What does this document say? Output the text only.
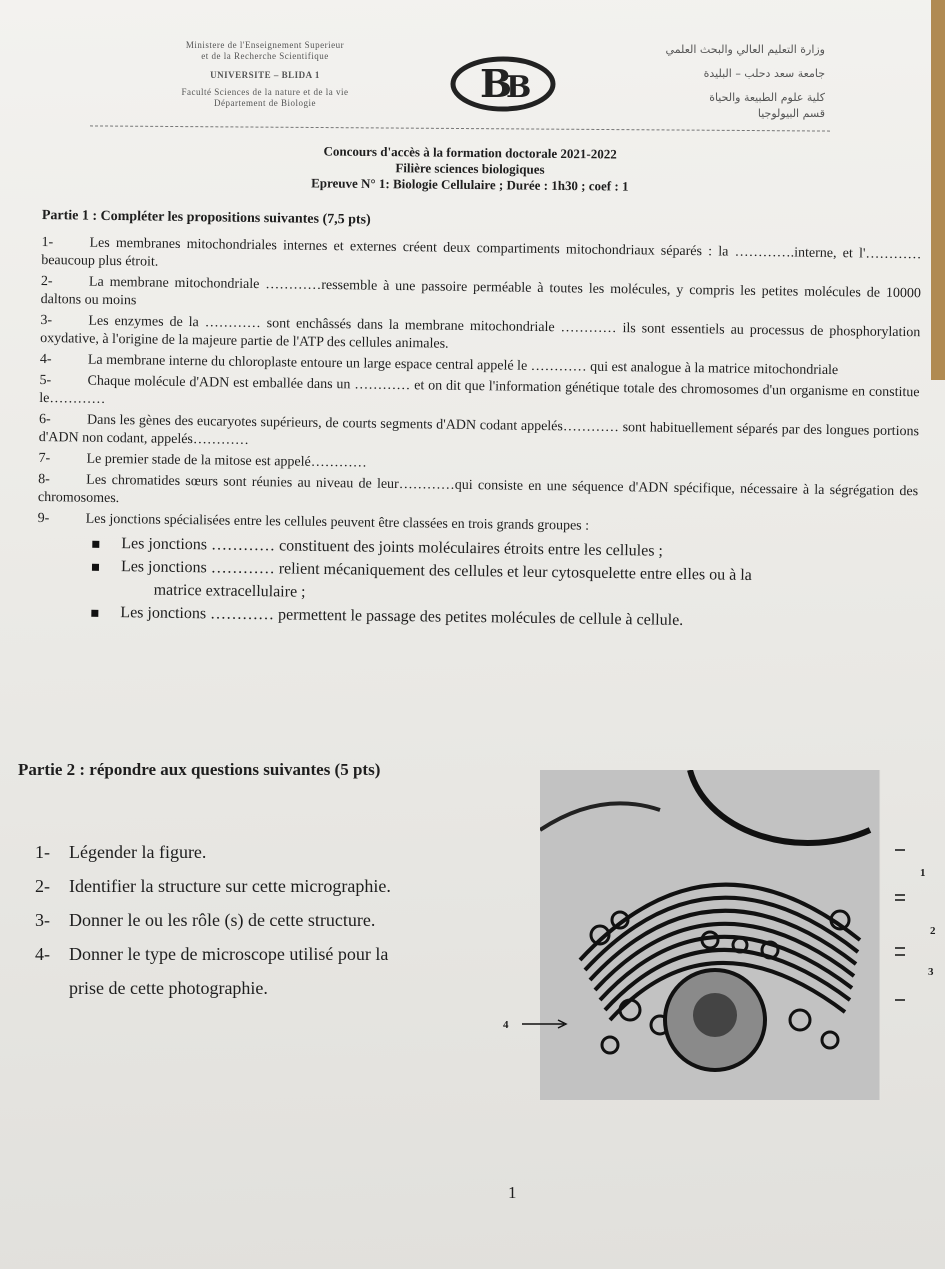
Ministere de l'Enseignement Superieur
et de la Recherche Scientifique
UNIVERSITE – BLIDA 1
Faculté Sciences de la nature et de la vie
Département de Biologie	B
B
وزارة التعليم العالي والبحث العلمي
جامعة سعد دحلب – البليدة
كلية علوم الطبيعة والحياة
قسم البيولوجيا
Concours d'accès à la formation doctorale 2021-2022
Filière sciences biologiques
Epreuve N° 1: Biologie Cellulaire ; Durée : 1h30 ; coef : 1
Partie 1 : Compléter les propositions suivantes (7,5 pts)
1-	Les membranes mitochondriales internes et externes créent deux compartiments mitochondriaux séparés : la ………….interne, et l'………… beaucoup plus étroit.
2-	La membrane mitochondriale …………ressemble à une passoire perméable à toutes les molécules, y compris les petites molécules de 10000 daltons ou moins
3-	Les enzymes de la ………… sont enchâssés dans la membrane mitochondriale ………… ils sont essentiels au processus de phosphorylation oxydative, à l'origine de la majeure partie de l'ATP des cellules animales.
4-	La membrane interne du chloroplaste entoure un large espace central appelé le ………… qui est analogue à la matrice mitochondriale
5-	Chaque molécule d'ADN est emballée dans un ………… et on dit que l'information génétique totale des chromosomes d'un organisme en constitue le…………
6-	Dans les gènes des eucaryotes supérieurs, de courts segments d'ADN codant appelés………… sont habituellement séparés par des longues portions d'ADN non codant, appelés…………
7-	Le premier stade de la mitose est appelé…………
8-	Les chromatides sœurs sont réunies au niveau de leur…………qui consiste en une séquence d'ADN spécifique, nécessaire à la ségrégation des chromosomes.
9-	Les jonctions spécialisées entre les cellules peuvent être classées en trois grands groupes :
Les jonctions ………… constituent des joints moléculaires étroits entre les cellules ;
Les jonctions ………… relient mécaniquement des cellules et leur cytosquelette entre elles ou à la
matrice extracellulaire ;
Les jonctions ………… permettent le passage des petites molécules de cellule à cellule.
Partie 2 : répondre aux questions suivantes (5 pts)
1- Légender la figure.
2- Identifier la structure sur cette micrographie.
3- Donner le ou les rôle (s) de cette structure.
4- Donner le type de microscope utilisé pour la
prise de cette photographie.
1
2
3
4
1
